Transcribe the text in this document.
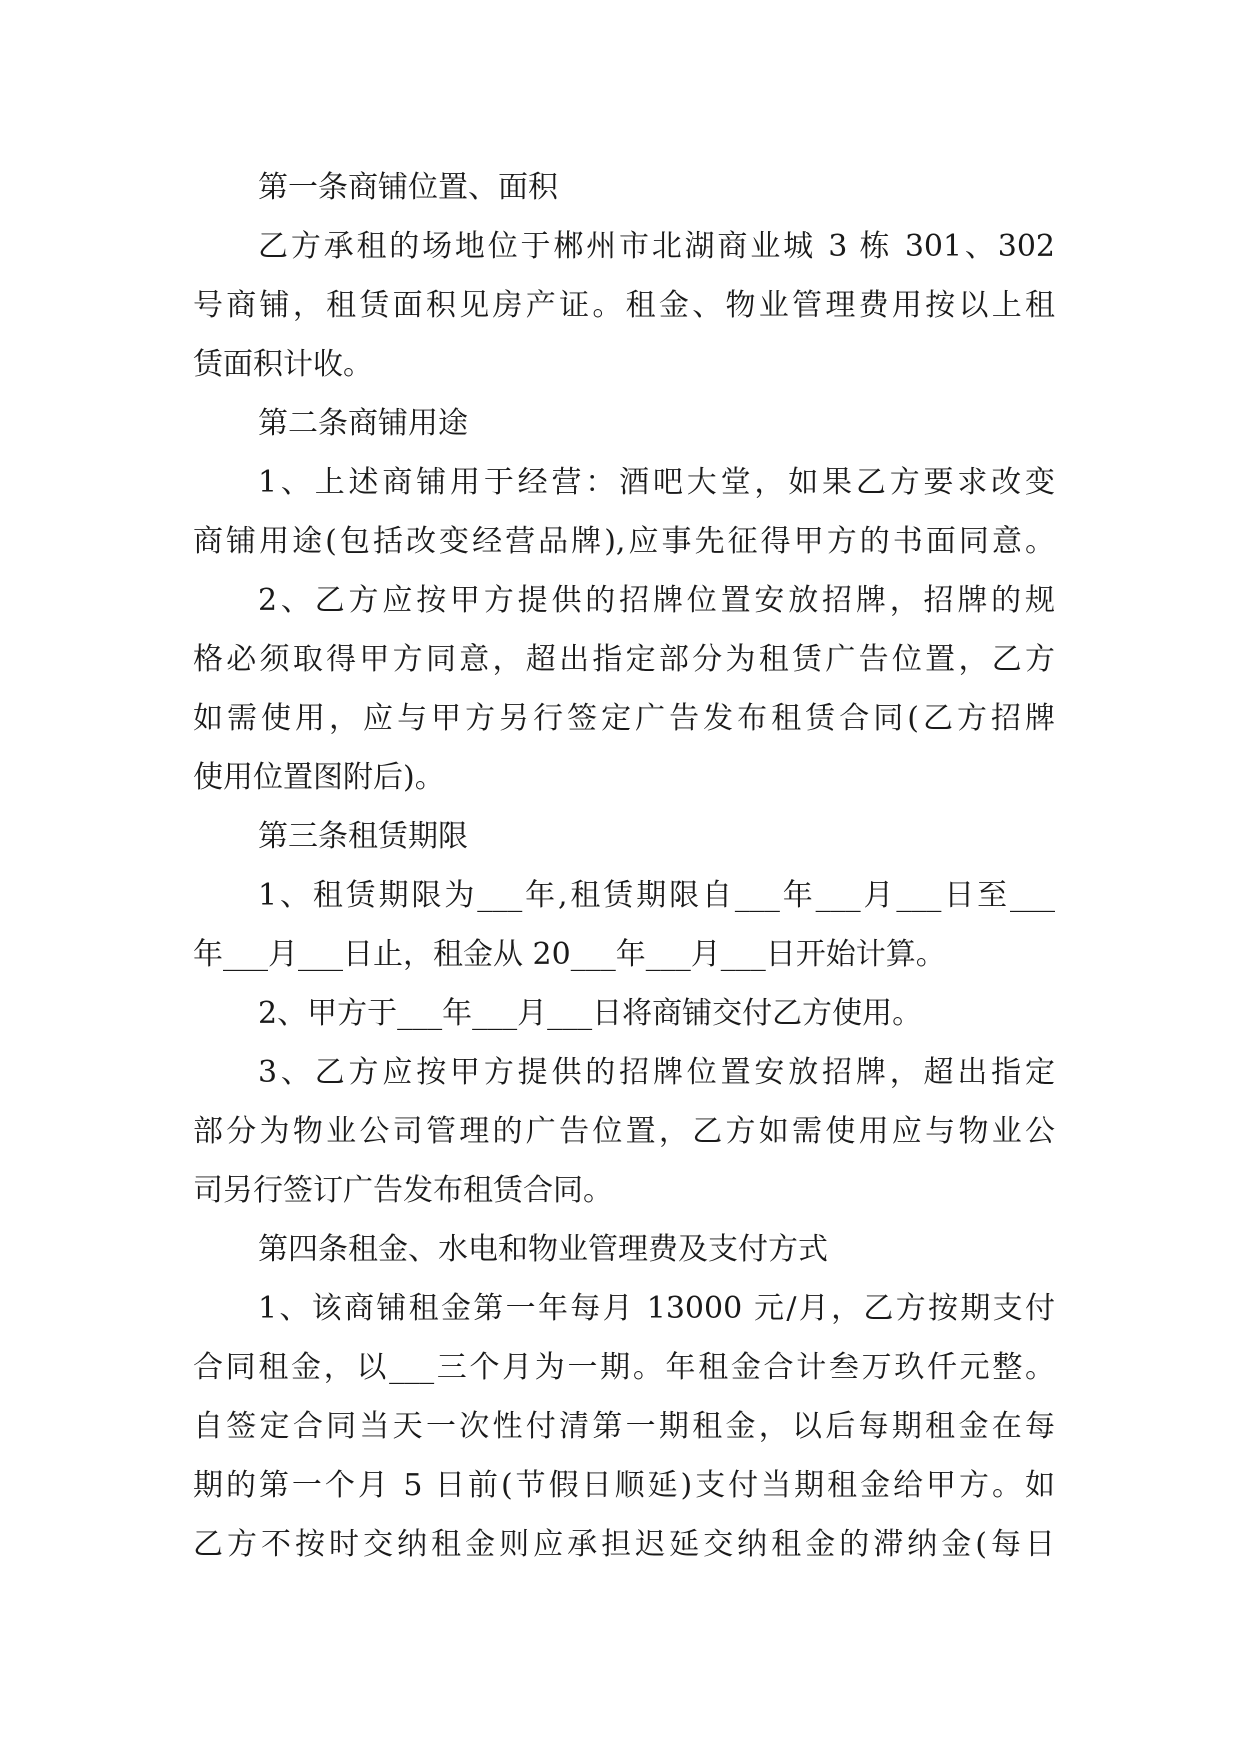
第一条商铺位置、面积
乙方承租的场地位于郴州市北湖商业城 3 栋 301、302
号商铺，租赁面积见房产证。租金、物业管理费用按以上租
赁面积计收。
第二条商铺用途
1、上述商铺用于经营：酒吧大堂，如果乙方要求改变
商铺用途(包括改变经营品牌),应事先征得甲方的书面同意。
2、乙方应按甲方提供的招牌位置安放招牌，招牌的规
格必须取得甲方同意，超出指定部分为租赁广告位置，乙方
如需使用，应与甲方另行签定广告发布租赁合同(乙方招牌
使用位置图附后)。
第三条租赁期限
1、租赁期限为___年,租赁期限自___年___月___日至___
年___月___日止，租金从 20___年___月___日开始计算。
2、甲方于___年___月___日将商铺交付乙方使用。
3、乙方应按甲方提供的招牌位置安放招牌，超出指定
部分为物业公司管理的广告位置，乙方如需使用应与物业公
司另行签订广告发布租赁合同。
第四条租金、水电和物业管理费及支付方式
1、该商铺租金第一年每月 13000 元/月，乙方按期支付
合同租金，以___三个月为一期。年租金合计叁万玖仟元整。
自签定合同当天一次性付清第一期租金，以后每期租金在每
期的第一个月 5 日前(节假日顺延)支付当期租金给甲方。如
乙方不按时交纳租金则应承担迟延交纳租金的滞纳金(每日
